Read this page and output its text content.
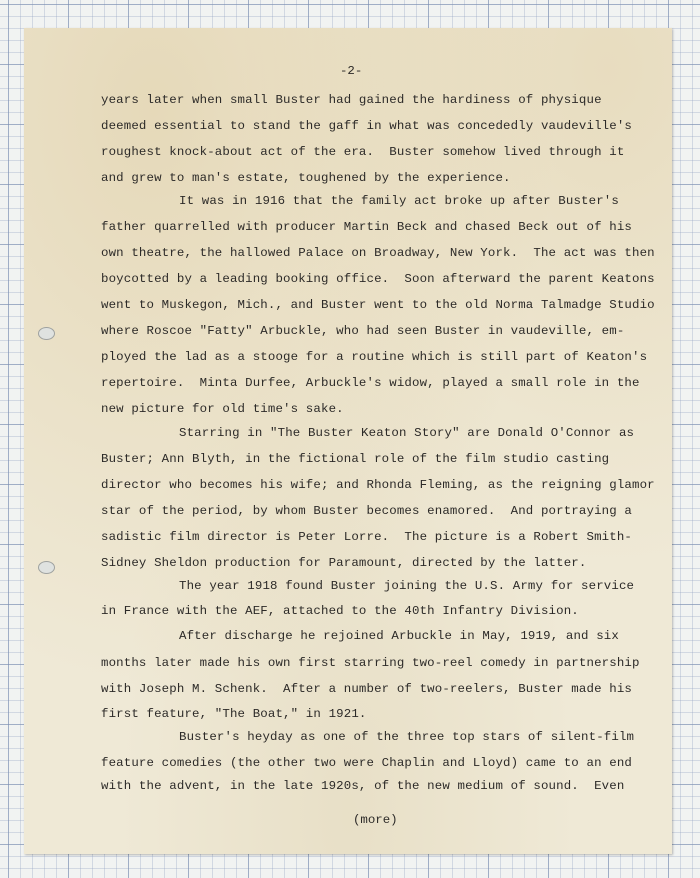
-2-
years later when small Buster had gained the hardiness of physique
deemed essential to stand the gaff in what was concededly vaudeville's
roughest knock-about act of the era.  Buster somehow lived through it
and grew to man's estate, toughened by the experience.
It was in 1916 that the family act broke up after Buster's
father quarrelled with producer Martin Beck and chased Beck out of his
own theatre, the hallowed Palace on Broadway, New York.  The act was then
boycotted by a leading booking office.  Soon afterward the parent Keatons
went to Muskegon, Mich., and Buster went to the old Norma Talmadge Studio
where Roscoe "Fatty" Arbuckle, who had seen Buster in vaudeville, em-
ployed the lad as a stooge for a routine which is still part of Keaton's
repertoire.  Minta Durfee, Arbuckle's widow, played a small role in the
new picture for old time's sake.
Starring in "The Buster Keaton Story" are Donald O'Connor as
Buster; Ann Blyth, in the fictional role of the film studio casting
director who becomes his wife; and Rhonda Fleming, as the reigning glamor
star of the period, by whom Buster becomes enamored.  And portraying a
sadistic film director is Peter Lorre.  The picture is a Robert Smith-
Sidney Sheldon production for Paramount, directed by the latter.
The year 1918 found Buster joining the U.S. Army for service
in France with the AEF, attached to the 40th Infantry Division.
After discharge he rejoined Arbuckle in May, 1919, and six
months later made his own first starring two-reel comedy in partnership
with Joseph M. Schenk.  After a number of two-reelers, Buster made his
first feature, "The Boat," in 1921.
Buster's heyday as one of the three top stars of silent-film
feature comedies (the other two were Chaplin and Lloyd) came to an end
with the advent, in the late 1920s, of the new medium of sound.  Even
(more)
